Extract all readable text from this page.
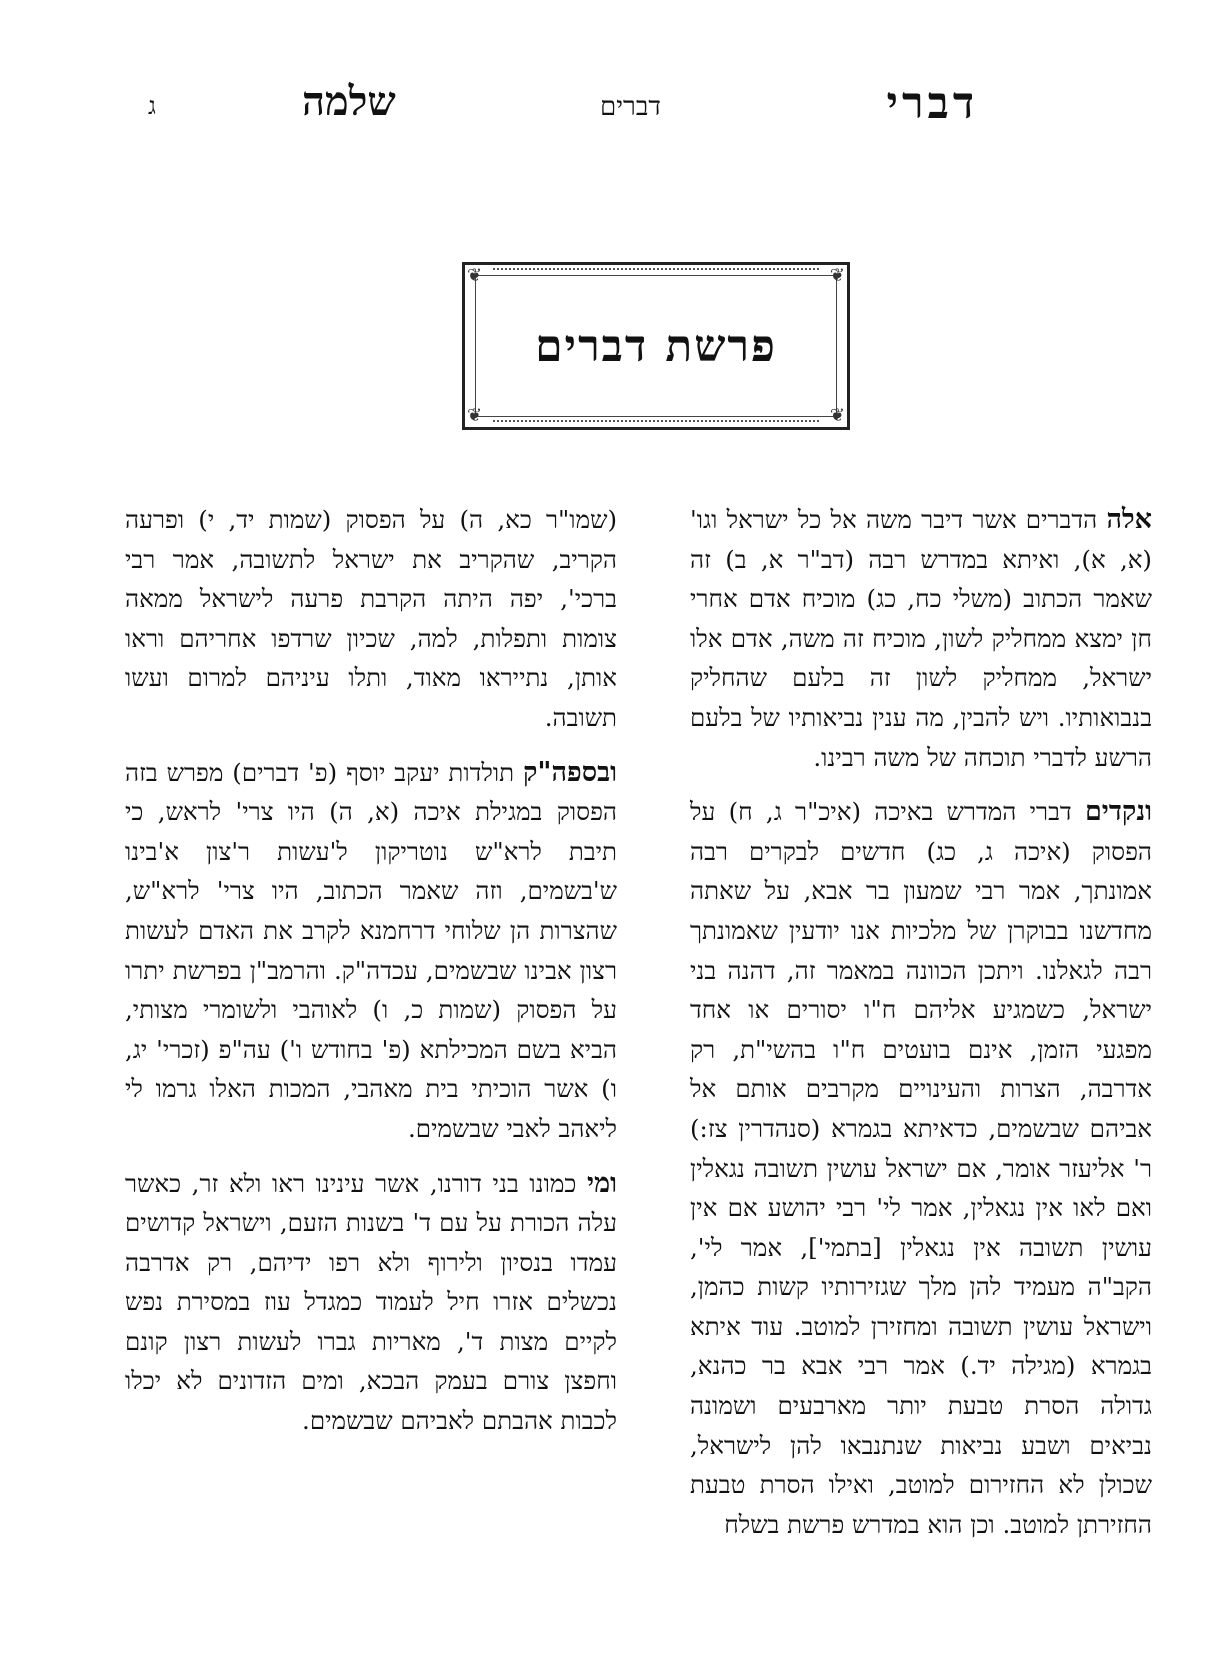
דברי
דברים
שלמה
ג
❦	❦
❦	❦
פרשת דברים

אלה הדברים אשר דיבר משה אל כל ישראל וגו' (א, א), ואיתא במדרש רבה (דב"ר א, ב) זה שאמר הכתוב (משלי כח, כג) מוכיח אדם אחרי חן ימצא ממחליק לשון, מוכיח זה משה, אדם אלו ישראל, ממחליק לשון זה בלעם שהחליק בנבואותיו. ויש להבין, מה ענין נביאותיו של בלעם הרשע לדברי תוכחה של משה רבינו.

ונקדים דברי המדרש באיכה (איכ"ר ג, ח) על הפסוק (איכה ג, כג) חדשים לבקרים רבה אמונתך, אמר רבי שמעון בר אבא, על שאתה מחדשנו בבוקרן של מלכיות אנו יודעין שאמונתך רבה לגאלנו. ויתכן הכוונה במאמר זה, דהנה בני ישראל, כשמגיע אליהם ח"ו יסורים או אחד מפגעי הזמן, אינם בועטים ח"ו בהשי"ת, רק אדרבה, הצרות והעינויים מקרבים אותם אל אביהם שבשמים, כדאיתא בגמרא (סנהדרין צז:) ר' אליעזר אומר, אם ישראל עושין תשובה נגאלין ואם לאו אין נגאלין, אמר לי' רבי יהושע אם אין עושין תשובה אין נגאלין [בתמי'], אמר לי', הקב"ה מעמיד להן מלך שגזירותיו קשות כהמן, וישראל עושין תשובה ומחזירן למוטב. עוד איתא בגמרא (מגילה יד.) אמר רבי אבא בר כהנא, גדולה הסרת טבעת יותר מארבעים ושמונה נביאים ושבע נביאות שנתנבאו להן לישראל, שכולן לא החזירום למוטב, ואילו הסרת טבעת החזירתן למוטב. וכן הוא במדרש פרשת בשלח

(שמו"ר כא, ה) על הפסוק (שמות יד, י) ופרעה הקריב, שהקריב את ישראל לתשובה, אמר רבי ברכי', יפה היתה הקרבת פרעה לישראל ממאה צומות ותפלות, למה, שכיון שרדפו אחריהם וראו אותן, נתייראו מאוד, ותלו עיניהם למרום ועשו תשובה.

ובספה"ק תולדות יעקב יוסף (פ' דברים) מפרש בזה הפסוק במגילת איכה (א, ה) היו צרי' לראש, כי תיבת לרא"ש נוטריקון ל'עשות ר'צון א'בינו ש'בשמים, וזה שאמר הכתוב, היו צרי' לרא"ש, שהצרות הן שלוחי דרחמנא לקרב את האדם לעשות רצון אבינו שבשמים, עכדה"ק. והרמב"ן בפרשת יתרו על הפסוק (שמות כ, ו) לאוהבי ולשומרי מצותי, הביא בשם המכילתא (פ' בחודש ו') עה"פ (זכרי' יג, ו) אשר הוכיתי בית מאהבי, המכות האלו גרמו לי ליאהב לאבי שבשמים.

ומי כמונו בני דורנו, אשר עינינו ראו ולא זר, כאשר עלה הכורת על עם ד' בשנות הזעם, וישראל קדושים עמדו בנסיון ולירוף ולא רפו ידיהם, רק אדרבה נכשלים אזרו חיל לעמוד כמגדל עוז במסירת נפש לקיים מצות ד', מאריות גברו לעשות רצון קונם וחפצן צורם בעמק הבכא, ומים הזדונים לא יכלו לכבות אהבתם לאביהם שבשמים.
